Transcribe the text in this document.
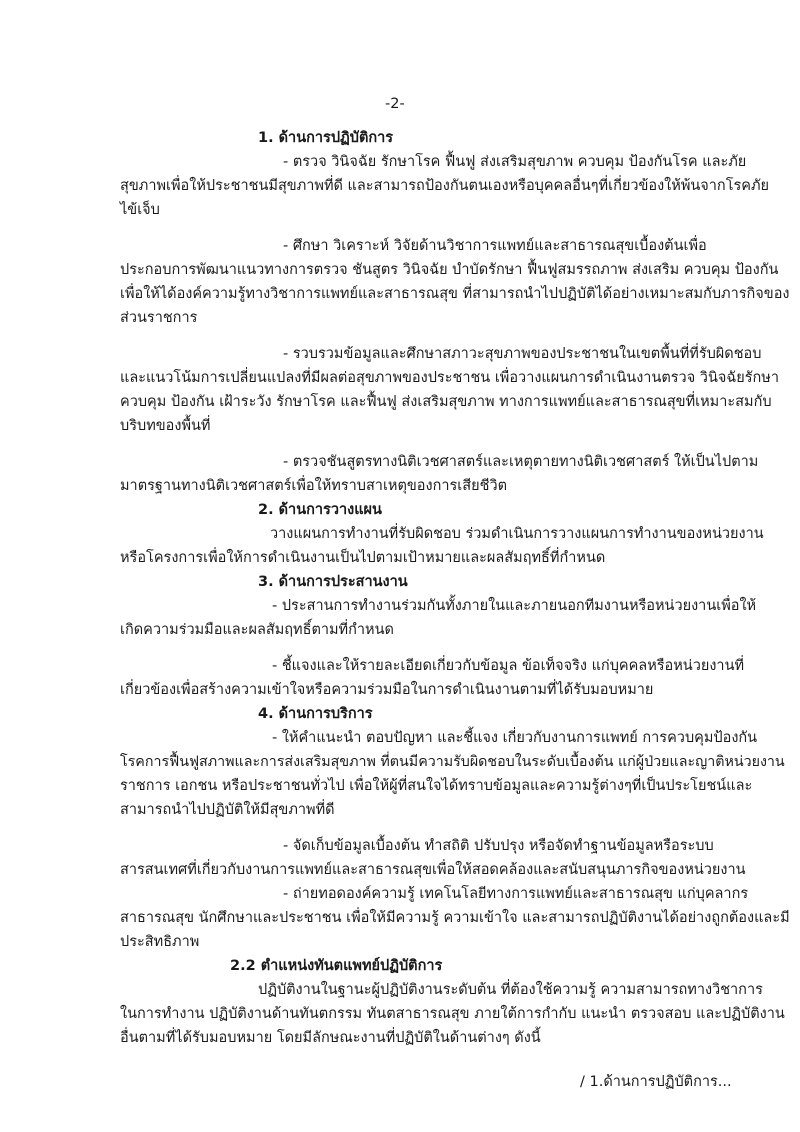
-2-
1. ด้านการปฏิบัติการ
- ตรวจ วินิจฉัย รักษาโรค ฟื้นฟู ส่งเสริมสุขภาพ ควบคุม ป้องกันโรค และภัย
สุขภาพเพื่อให้ประชาชนมีสุขภาพที่ดี และสามารถป้องกันตนเองหรือบุคคลอื่นๆที่เกี่ยวข้องให้พ้นจากโรคภัย
ไข้เจ็บ
- ศึกษา วิเคราะห์ วิจัยด้านวิชาการแพทย์และสาธารณสุขเบื้องต้นเพื่อ
ประกอบการพัฒนาแนวทางการตรวจ ชันสูตร วินิจฉัย บำบัดรักษา ฟื้นฟูสมรรถภาพ ส่งเสริม ควบคุม ป้องกัน
เพื่อให้ได้องค์ความรู้ทางวิชาการแพทย์และสาธารณสุข ที่สามารถนำไปปฏิบัติได้อย่างเหมาะสมกับภารกิจของ
ส่วนราชการ
- รวบรวมข้อมูลและศึกษาสภาวะสุขภาพของประชาชนในเขตพื้นที่ที่รับผิดชอบ
และแนวโน้มการเปลี่ยนแปลงที่มีผลต่อสุขภาพของประชาชน เพื่อวางแผนการดำเนินงานตรวจ วินิจฉัยรักษา
ควบคุม ป้องกัน เฝ้าระวัง รักษาโรค และฟื้นฟู ส่งเสริมสุขภาพ ทางการแพทย์และสาธารณสุขที่เหมาะสมกับ
บริบทของพื้นที่
- ตรวจชันสูตรทางนิติเวชศาสตร์และเหตุตายทางนิติเวชศาสตร์ ให้เป็นไปตาม
มาตรฐานทางนิติเวชศาสตร์เพื่อให้ทราบสาเหตุของการเสียชีวิต
2. ด้านการวางแผน
วางแผนการทำงานที่รับผิดชอบ ร่วมดำเนินการวางแผนการทำงานของหน่วยงาน
หรือโครงการเพื่อให้การดำเนินงานเป็นไปตามเป้าหมายและผลสัมฤทธิ์ที่กำหนด
3. ด้านการประสานงาน
- ประสานการทำงานร่วมกันทั้งภายในและภายนอกทีมงานหรือหน่วยงานเพื่อให้
เกิดความร่วมมือและผลสัมฤทธิ์ตามที่กำหนด
- ชี้แจงและให้รายละเอียดเกี่ยวกับข้อมูล ข้อเท็จจริง แก่บุคคลหรือหน่วยงานที่
เกี่ยวข้องเพื่อสร้างความเข้าใจหรือความร่วมมือในการดำเนินงานตามที่ได้รับมอบหมาย
4. ด้านการบริการ
- ให้คำแนะนำ ตอบปัญหา และชี้แจง เกี่ยวกับงานการแพทย์ การควบคุมป้องกัน
โรคการฟื้นฟูสภาพและการส่งเสริมสุขภาพ ที่ตนมีความรับผิดชอบในระดับเบื้องต้น แก่ผู้ป่วยและญาติหน่วยงาน
ราชการ เอกชน หรือประชาชนทั่วไป เพื่อให้ผู้ที่สนใจได้ทราบข้อมูลและความรู้ต่างๆที่เป็นประโยชน์และ
สามารถนำไปปฏิบัติให้มีสุขภาพที่ดี
- จัดเก็บข้อมูลเบื้องต้น ทำสถิติ ปรับปรุง หรือจัดทำฐานข้อมูลหรือระบบ
สารสนเทศที่เกี่ยวกับงานการแพทย์และสาธารณสุขเพื่อให้สอดคล้องและสนับสนุนภารกิจของหน่วยงาน
- ถ่ายทอดองค์ความรู้ เทคโนโลยีทางการแพทย์และสาธารณสุข แก่บุคลากร
สาธารณสุข นักศึกษาและประชาชน เพื่อให้มีความรู้ ความเข้าใจ และสามารถปฏิบัติงานได้อย่างถูกต้องและมี
ประสิทธิภาพ
2.2 ตำแหน่งทันตแพทย์ปฏิบัติการ
ปฏิบัติงานในฐานะผู้ปฏิบัติงานระดับต้น ที่ต้องใช้ความรู้ ความสามารถทางวิชาการ
ในการทำงาน ปฏิบัติงานด้านทันตกรรม ทันตสาธารณสุข ภายใต้การกำกับ แนะนำ ตรวจสอบ และปฏิบัติงาน
อื่นตามที่ได้รับมอบหมาย โดยมีลักษณะงานที่ปฏิบัติในด้านต่างๆ ดังนี้
/ 1.ด้านการปฏิบัติการ...
